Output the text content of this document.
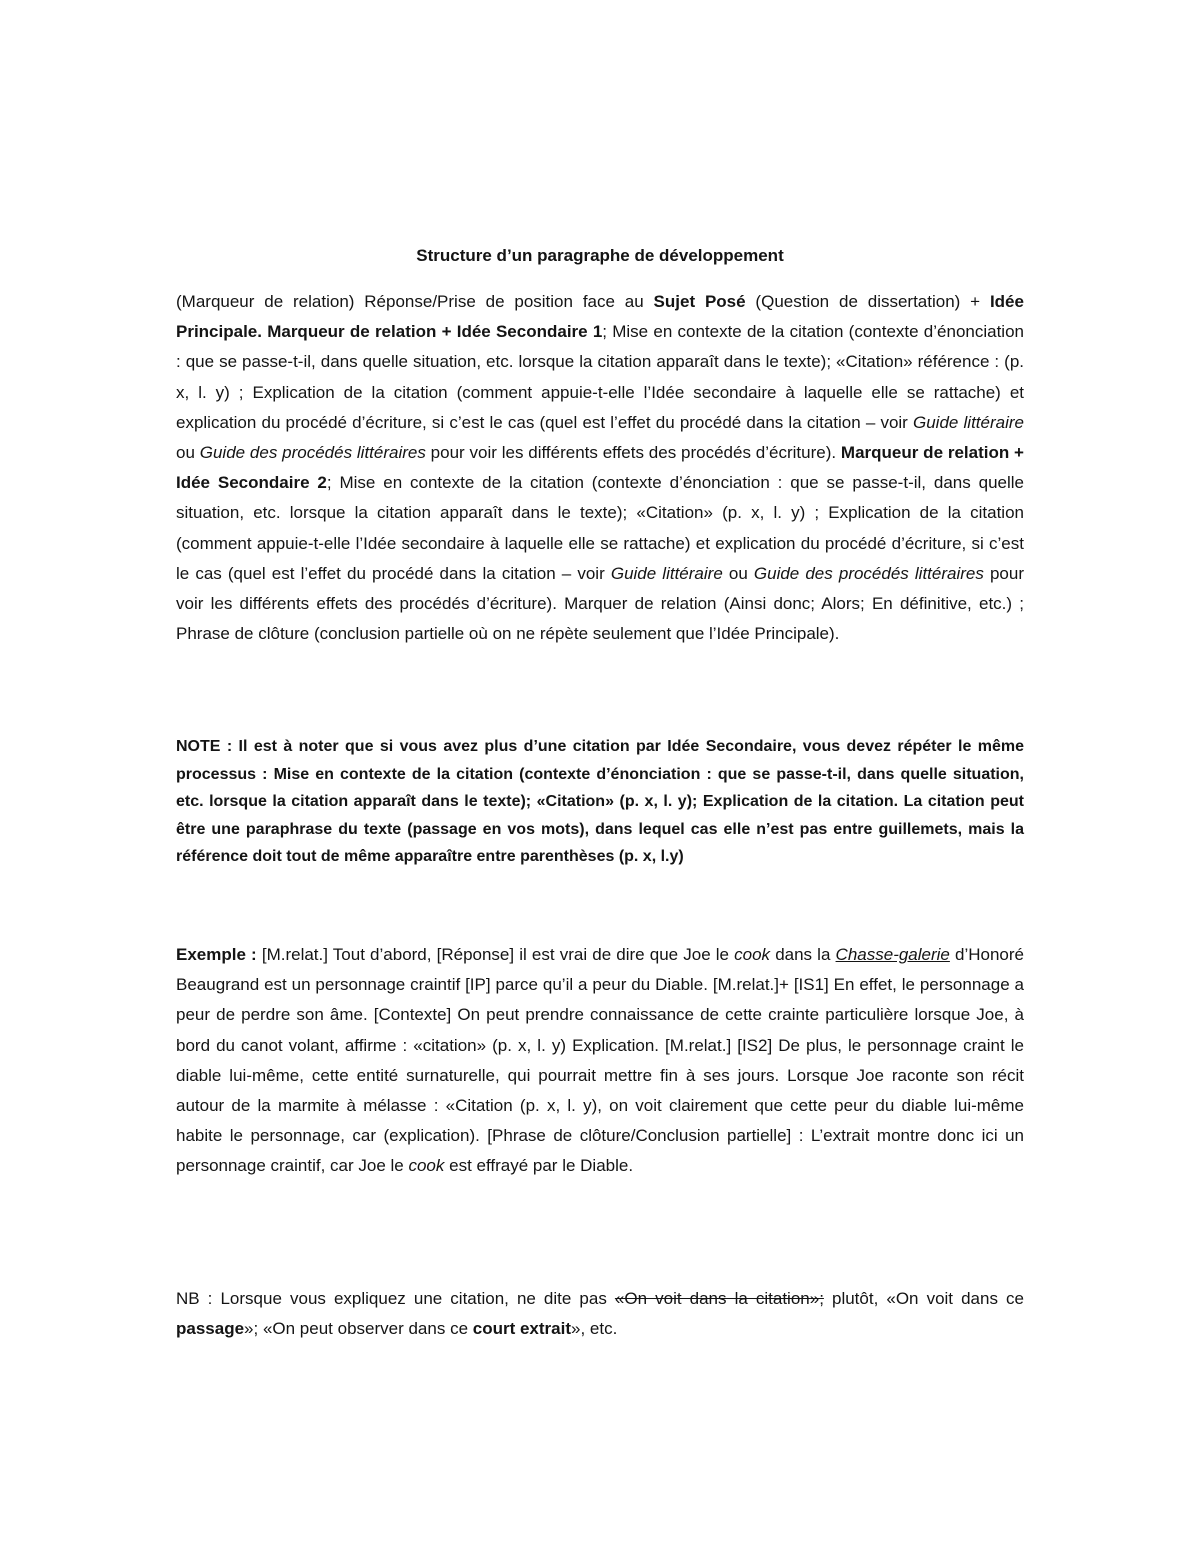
Structure d’un paragraphe de développement

(Marqueur de relation) Réponse/Prise de position face au Sujet Posé (Question de dissertation) + Idée Principale. Marqueur de relation + Idée Secondaire 1; Mise en contexte de la citation (contexte d’énonciation : que se passe-t-il, dans quelle situation, etc. lorsque la citation apparaît dans le texte); «Citation» référence : (p. x, l. y) ; Explication de la citation (comment appuie-t-elle l’Idée secondaire à laquelle elle se rattache) et explication du procédé d’écriture, si c’est le cas (quel est l’effet du procédé dans la citation – voir Guide littéraire ou Guide des procédés littéraires pour voir les différents effets des procédés d’écriture). Marqueur de relation + Idée Secondaire 2; Mise en contexte de la citation (contexte d’énonciation : que se passe-t-il, dans quelle situation, etc. lorsque la citation apparaît dans le texte); «Citation» (p. x, l. y) ; Explication de la citation (comment appuie-t-elle l’Idée secondaire à laquelle elle se rattache) et explication du procédé d’écriture, si c’est le cas (quel est l’effet du procédé dans la citation – voir Guide littéraire ou Guide des procédés littéraires pour voir les différents effets des procédés d’écriture). Marquer de relation (Ainsi donc; Alors; En définitive, etc.) ; Phrase de clôture (conclusion partielle où on ne répète seulement que l’Idée Principale).

NOTE : Il est à noter que si vous avez plus d’une citation par Idée Secondaire, vous devez répéter le même processus : Mise en contexte de la citation (contexte d’énonciation : que se passe-t-il, dans quelle situation, etc. lorsque la citation apparaît dans le texte); «Citation» (p. x, l. y); Explication de la citation. La citation peut être une paraphrase du texte (passage en vos mots), dans lequel cas elle n’est pas entre guillemets, mais la référence doit tout de même apparaître entre parenthèses (p. x, l.y)

Exemple : [M.relat.] Tout d’abord, [Réponse] il est vrai de dire que Joe le cook dans la Chasse-galerie d’Honoré Beaugrand est un personnage craintif [IP] parce qu’il a peur du Diable. [M.relat.]+ [IS1] En effet, le personnage a peur de perdre son âme. [Contexte] On peut prendre connaissance de cette crainte particulière lorsque Joe, à bord du canot volant, affirme : «citation» (p. x, l. y) Explication. [M.relat.] [IS2] De plus, le personnage craint le diable lui-même, cette entité surnaturelle, qui pourrait mettre fin à ses jours. Lorsque Joe raconte son récit autour de la marmite à mélasse : «Citation (p. x, l. y), on voit clairement que cette peur du diable lui-même habite le personnage, car (explication). [Phrase de clôture/Conclusion partielle] : L’extrait montre donc ici un personnage craintif, car Joe le cook est effrayé par le Diable.

NB : Lorsque vous expliquez une citation, ne dite pas «On voit dans la citation»; plutôt, «On voit dans ce passage»; «On peut observer dans ce court extrait», etc.
